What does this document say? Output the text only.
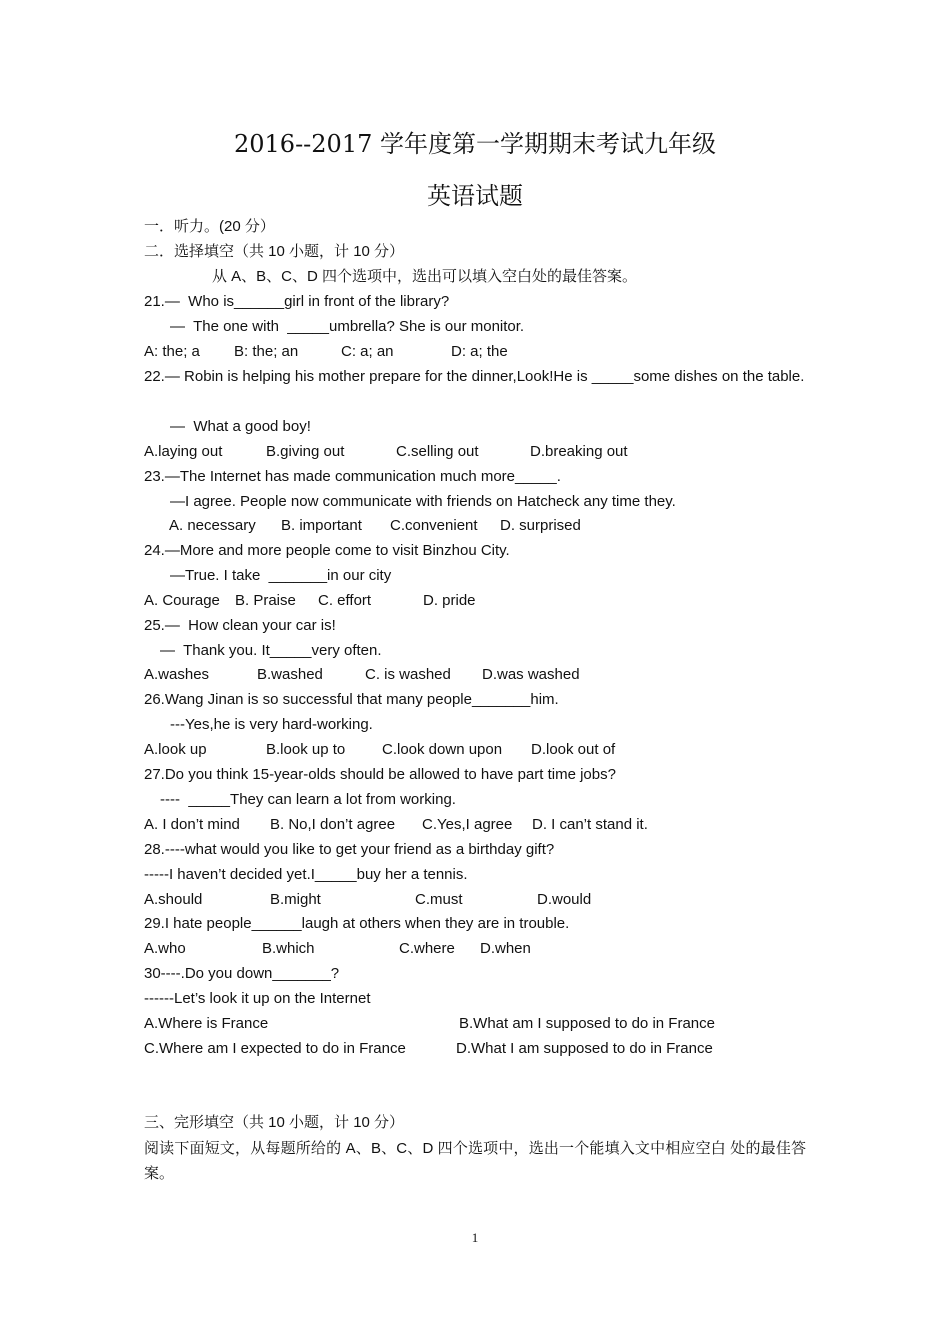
2016--2017 学年度第一学期期末考试九年级
英语试题
一．听力。(20 分）
二．选择填空（共 10 小题，计 10 分）
从 A、B、C、D 四个选项中，选出可以填入空白处的最佳答案。
21.—  Who is______girl in front of the library?
—  The one with  _____umbrella? She is our monitor.
A: the; a B: the; an	C: a; an	D: a; the
22.— Robin is helping his mother prepare for the dinner,Look!He is _____some dishes on the table.
—  What a good boy!
A.laying out	B.giving out	C.selling out	D.breaking out
23.—The Internet has made communication much more_____.
—I agree. People now communicate with friends on Hatcheck any time they.
A. necessary B. important C.convenient D. surprised
24.—More and more people come to visit Binzhou City.
—True. I take  _______in our city
A. Courage B. Praise C. effort	D. pride
25.—  How clean your car is!
—  Thank you. It_____very often.
A.washes	B.washed	C. is washed D.was washed
26.Wang Jinan is so successful that many people_______him.
---Yes,he is very hard-working.
A.look up	B.look up to C.look down upon D.look out of
27.Do you think 15-year-olds should be allowed to have part time jobs?
----  _____They can learn a lot from working.
A. I don’t mind B. No,I don’t agree C.Yes,I agree D. I can’t stand it.
28.----what would you like to get your friend as a birthday gift?
-----I haven’t decided yet.I_____buy her a tennis.
A.should	B.might	C.must	D.would
29.I hate people______laugh at others when they are in trouble.
A.who	B.which	C.where D.when
30----.Do you down_______?
------Let’s look it up on the Internet
A.Where is France	B.What am I supposed to do in France
C.Where am I expected to do in France	D.What I am supposed to do in France
三、完形填空（共 10 小题，计 10 分）
阅读下面短文，从每题所给的 A、B、C、D 四个选项中，选出一个能填入文中相应空白 处的最佳答案。
1
